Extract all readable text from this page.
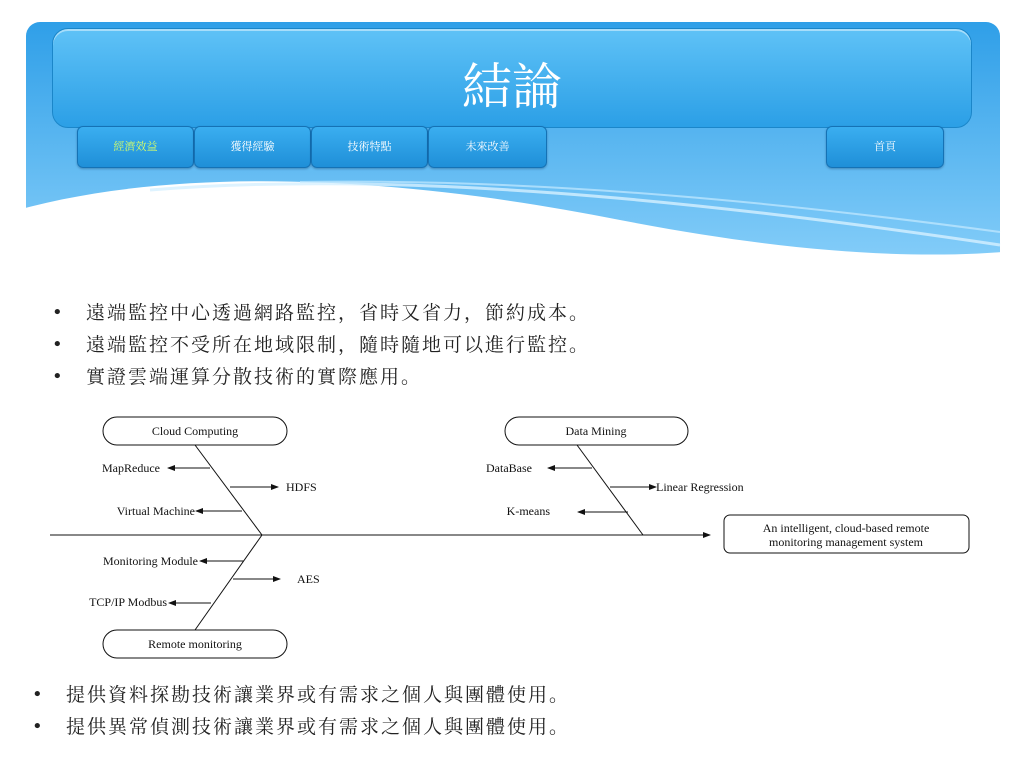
結論
經濟效益	獲得經驗	技術特點	未來改善	首頁
• 遠端監控中心透過網路監控，省時又省力，節約成本。
• 遠端監控不受所在地域限制，隨時隨地可以進行監控。
• 實證雲端運算分散技術的實際應用。
Cloud Computing
MapReduce
HDFS
Virtual Machine
Data Mining
DataBase
Linear Regression
K-means
Remote monitoring
Monitoring Module
AES
TCP/IP Modbus
An intelligent, cloud-based remote
monitoring management system
• 提供資料探勘技術讓業界或有需求之個人與團體使用。
• 提供異常偵測技術讓業界或有需求之個人與團體使用。
